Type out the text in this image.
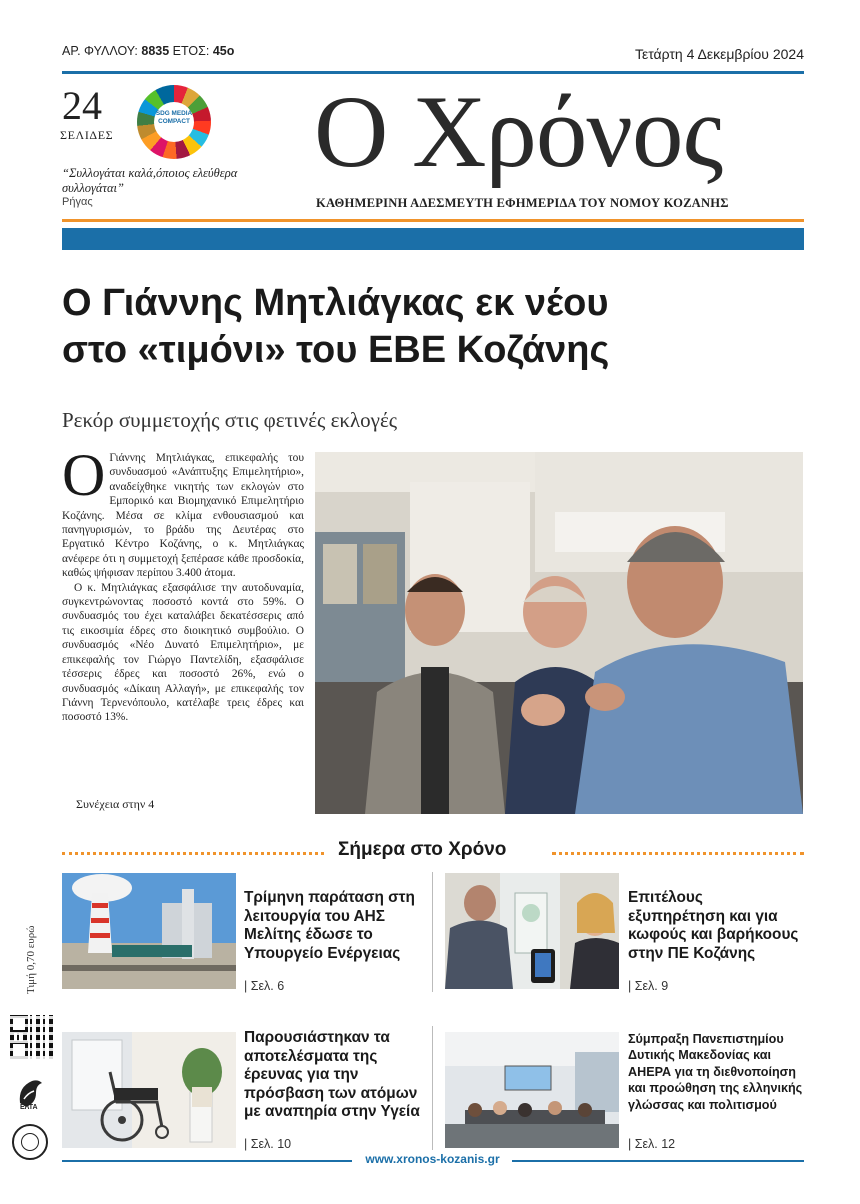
ΑΡ. ΦΥΛΛΟΥ: 8835 ΕΤΟΣ: 45ο	Τετάρτη 4 Δεκεμβρίου 2024
24
ΣΕΛΙΔΕΣ
SDG MEDIA COMPACT
“Συλλογάται καλά,όποιος ελεύθερα συλλογάται”
Ρήγας
Ο Χρόνος
ΚΑΘΗΜΕΡΙΝΗ ΑΔΕΣΜΕΥΤΗ ΕΦΗΜΕΡΙΔΑ ΤΟΥ ΝΟΜΟΥ ΚΟΖΑΝΗΣ
Ο Γιάννης Μητλιάγκας εκ νέου
στο «τιμόνι» του ΕΒΕ Κοζάνης
Ρεκόρ συμμετοχής στις φετινές εκλογές

Ο Γιάννης Μητλιάγκας, επικεφαλής του συνδυασμού «Ανάπτυξης Επιμελητήριο», αναδείχθηκε νικητής των εκλογών στο Εμπορικό και Βιομηχανικό Επιμελητήριο Κοζάνης. Μέσα σε κλίμα ενθουσιασμού και πανηγυρισμών, το βράδυ της Δευτέρας στο Εργατικό Κέντρο Κοζάνης, ο κ. Μητλιάγκας ανέφερε ότι η συμμετοχή ξεπέρασε κάθε προσδοκία, καθώς ψήφισαν περίπου 3.400 άτομα.

Ο κ. Μητλιάγκας εξασφάλισε την αυτοδυναμία, συγκεντρώνοντας ποσοστό κοντά στο 59%. Ο συνδυασμός του έχει καταλάβει δεκατέσσερις από τις εικοσιμία έδρες στο διοικητικό συμβούλιο. Ο συνδυασμός «Νέο Δυνατό Επιμελητήριο», με επικεφαλής τον Γιώργο Παντελίδη, εξασφάλισε τέσσερις έδρες και ποσοστό 26%, ενώ ο συνδυασμός «Δίκαιη Αλλαγή», με επικεφαλής τον Γιάννη Τερνενόπουλο, κατέλαβε τρεις έδρες και ποσοστό 13%.

Συνέχεια στην 4
Σήμερα στο Χρόνο
Τρίμηνη παράταση στη λειτουργία του ΑΗΣ Μελίτης έδωσε το Υπουργείο Ενέργειας
| Σελ. 6
Επιτέλους εξυπηρέτηση και για κωφούς και βαρήκοους στην ΠΕ Κοζάνης
| Σελ. 9
Παρουσιάστηκαν τα αποτελέσματα της έρευνας για την πρόσβαση των ατόμων με αναπηρία στην Υγεία
| Σελ. 10
Σύμπραξη Πανεπιστημίου Δυτικής Μακεδονίας και ΑΗΕΡΑ για τη διεθνοποίηση και προώθηση της ελληνικής γλώσσας και πολιτισμού
| Σελ. 12
Τιμή 0,70 ευρώ
ΕΛΤΑ
www.xronos-kozanis.gr
